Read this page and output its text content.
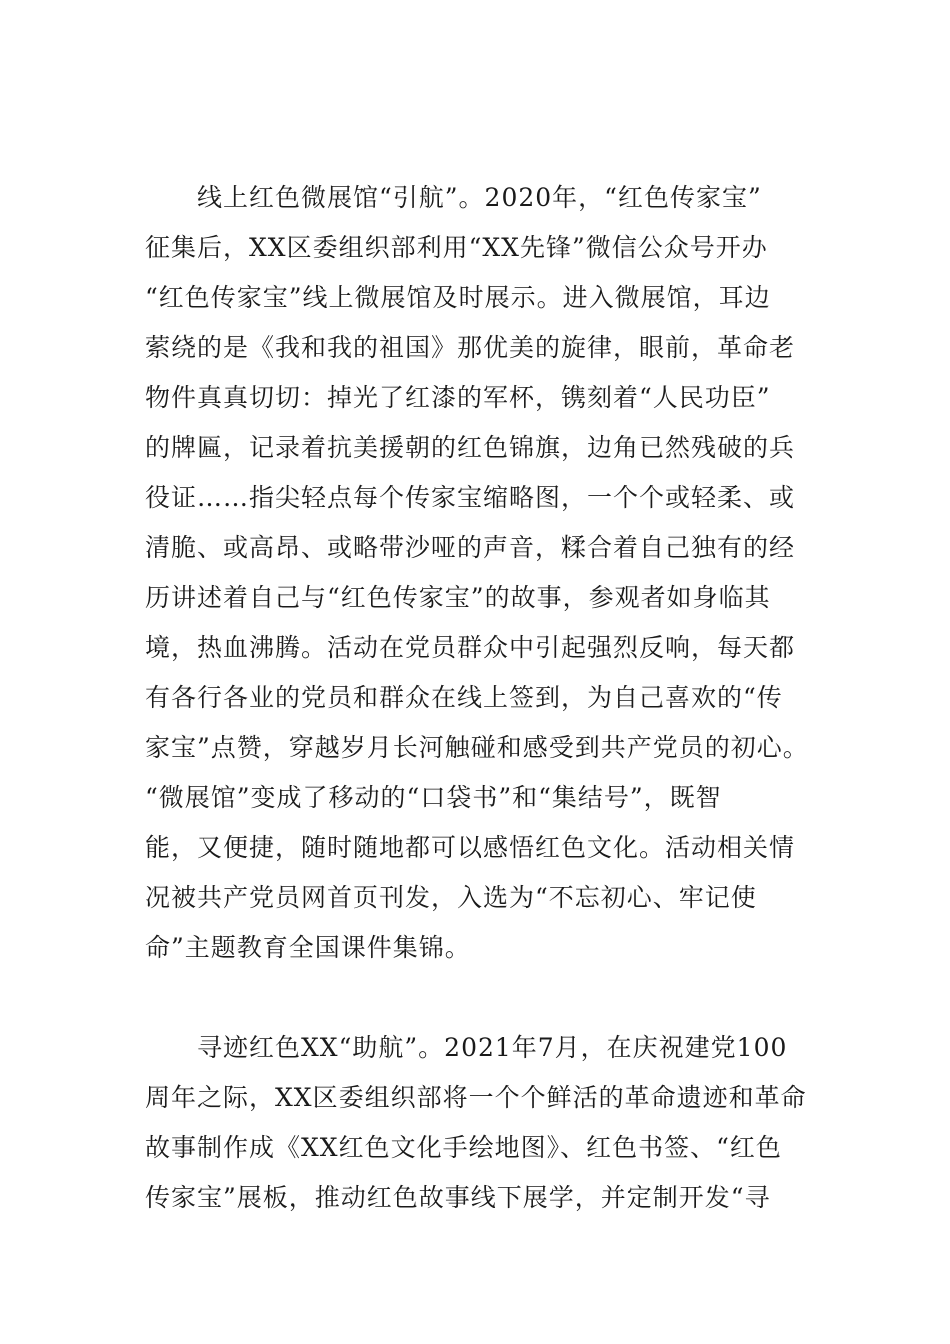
线上红色微展馆“引航”。2020年，“红色传家宝”
征集后，XX区委组织部利用“XX先锋”微信公众号开办
“红色传家宝”线上微展馆及时展示。进入微展馆，耳边
萦绕的是《我和我的祖国》那优美的旋律，眼前，革命老
物件真真切切：掉光了红漆的军杯，镌刻着“人民功臣”
的牌匾，记录着抗美援朝的红色锦旗，边角已然残破的兵
役证……指尖轻点每个传家宝缩略图，一个个或轻柔、或
清脆、或高昂、或略带沙哑的声音，糅合着自己独有的经
历讲述着自己与“红色传家宝”的故事，参观者如身临其
境，热血沸腾。活动在党员群众中引起强烈反响，每天都
有各行各业的党员和群众在线上签到，为自己喜欢的“传
家宝”点赞，穿越岁月长河触碰和感受到共产党员的初心。
“微展馆”变成了移动的“口袋书”和“集结号”，既智
能，又便捷，随时随地都可以感悟红色文化。活动相关情
况被共产党员网首页刊发，入选为“不忘初心、牢记使
命”主题教育全国课件集锦。
寻迹红色XX“助航”。2021年7月，在庆祝建党100
周年之际，XX区委组织部将一个个鲜活的革命遗迹和革命
故事制作成《XX红色文化手绘地图》、红色书签、“红色
传家宝”展板，推动红色故事线下展学，并定制开发“寻
